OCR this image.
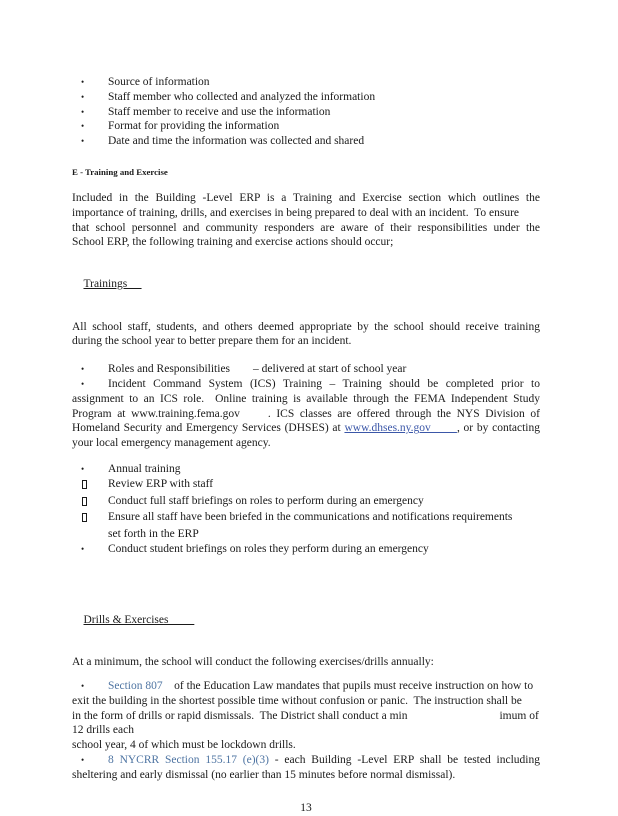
•	Source of information
•	Staff member who collected and analyzed the information
•	Staff member to receive and use the information
•	Format for providing the information
•	Date and time the information was collected and shared
E - Training and Exercise
Included in the Building -Level ERP is a Training and Exercise section which outlines the
importance of training, drills, and exercises in being prepared to deal with an incident.  To ensure
that school personnel and community responders are aware of their responsibilities under the
School ERP, the following training and exercise actions should occur;

Trainings

All school staff, students, and others deemed appropriate by the school should receive training
during the school year to better prepare them for an incident.
•	Roles and Responsibilities        – delivered at start of school year
•	Incident Command System (ICS) Training – Training should be completed prior to
assignment to an ICS role.  Online training is available through the FEMA Independent Study
Program at www.training.fema.gov     . ICS classes are offered through the NYS Division of
Homeland Security and Emergency Services (DHSES) at www.dhses.ny.gov       , or by contacting
your local emergency management agency.
•	Annual training
Review ERP with staff
Conduct full staff briefings on roles to perform during an emergency
Ensure all staff have been briefed in the communications and notifications requirements
set forth in the ERP
•	Conduct student briefings on roles they perform during an emergency

Drills & Exercises

At a minimum, the school will conduct the following exercises/drills annually:
•	Section 807    of the Education Law mandates that pupils must receive instruction on how to
exit the building in the shortest possible time without confusion or panic.  The instruction shall be
in the form of drills or rapid dismissals.  The District shall conduct a min	imum of 12 drills each
school year, 4 of which must be lockdown drills.
•	8 NYCRR Section 155.17 (e)(3) - each Building -Level ERP shall be tested including
sheltering and early dismissal (no earlier than 15 minutes before normal dismissal).
13
